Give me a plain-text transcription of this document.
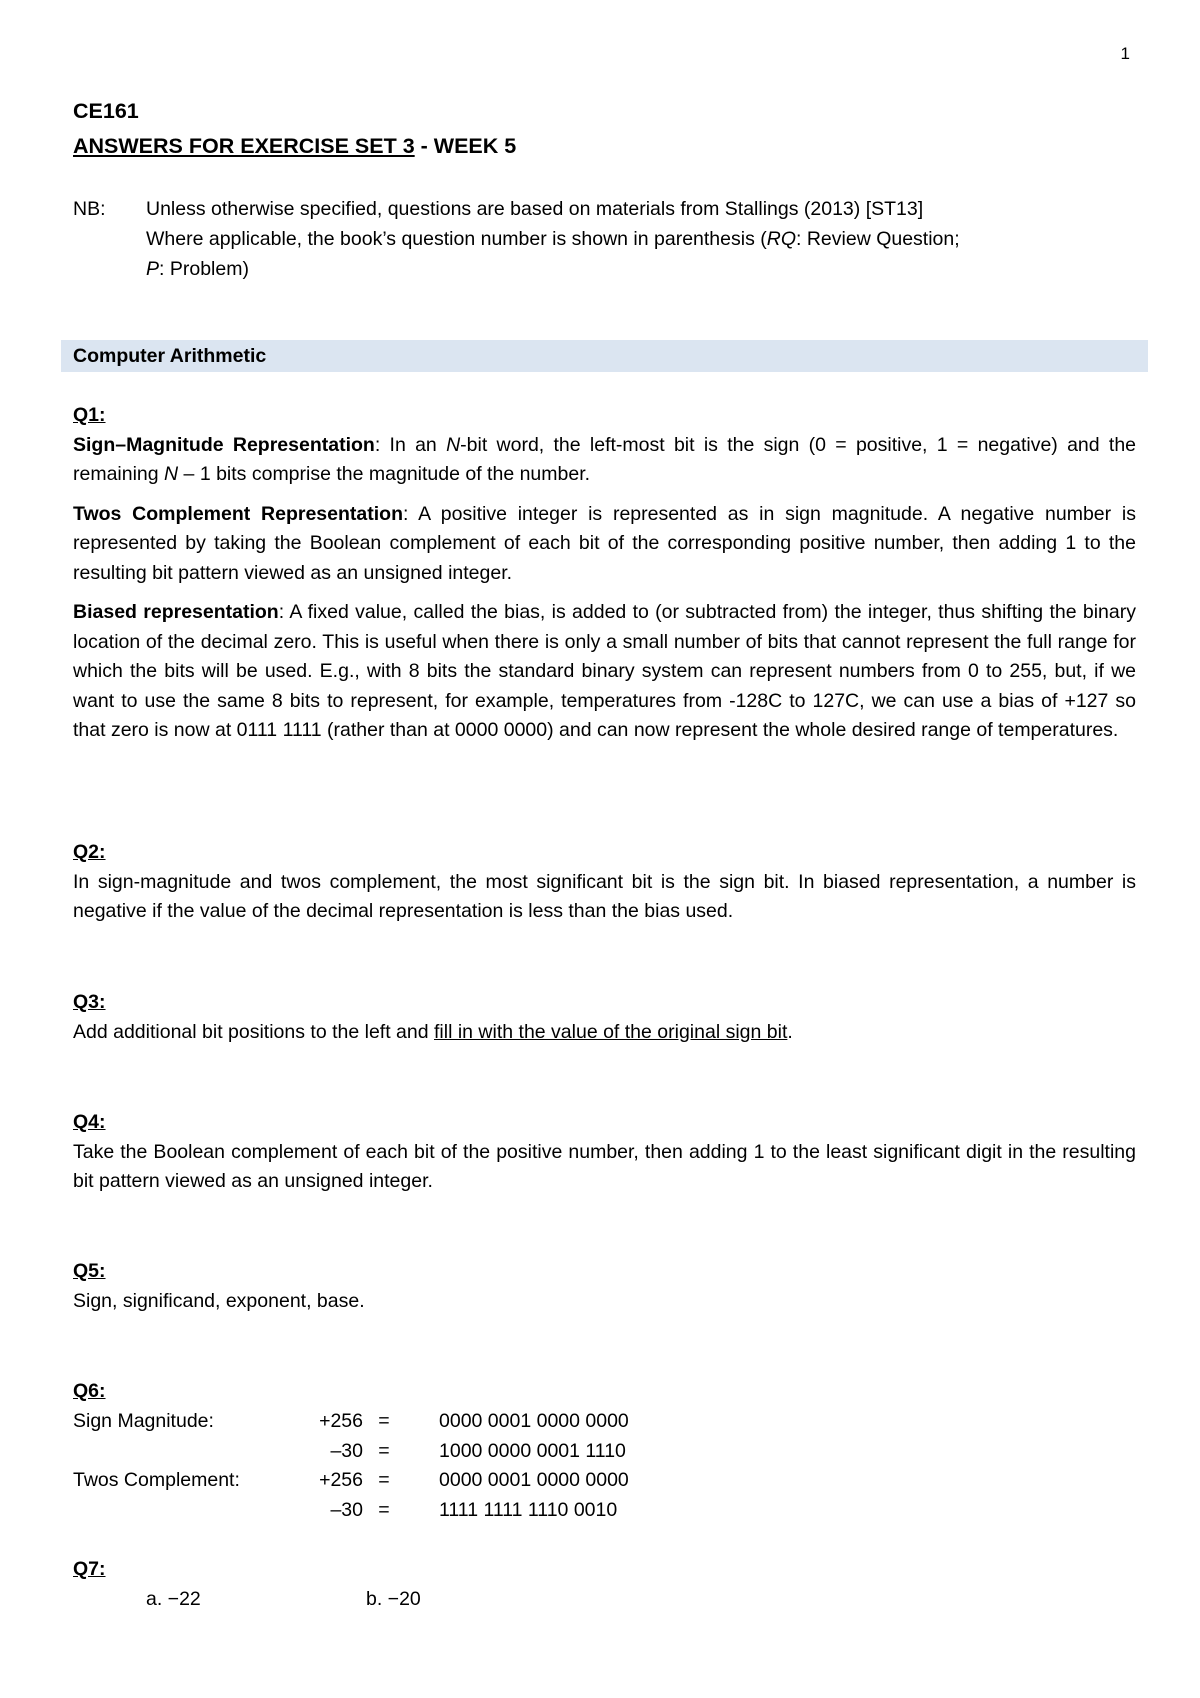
1
CE161
ANSWERS FOR EXERCISE SET 3 - WEEK 5
NB:	Unless otherwise specified, questions are based on materials from Stallings (2013) [ST13]
Where applicable, the book’s question number is shown in parenthesis (RQ: Review Question;
P: Problem)
Computer Arithmetic

Q1:

Sign–Magnitude Representation: In an N-bit word, the left-most bit is the sign (0 = positive, 1 = negative) and the remaining N – 1 bits comprise the magnitude of the number.

Twos Complement Representation: A positive integer is represented as in sign magnitude. A negative number is represented by taking the Boolean complement of each bit of the corresponding positive number, then adding 1 to the resulting bit pattern viewed as an unsigned integer.

Biased representation: A fixed value, called the bias, is added to (or subtracted from) the integer, thus shifting the binary location of the decimal zero. This is useful when there is only a small number of bits that cannot represent the full range for which the bits will be used. E.g., with 8 bits the standard binary system can represent numbers from 0 to 255, but, if we want to use the same 8 bits to represent, for example, temperatures from -128C to 127C, we can use a bias of +127 so that zero is now at 0111 1111 (rather than at 0000 0000) and can now represent the whole desired range of temperatures.

Q2:

In sign-magnitude and twos complement, the most significant bit is the sign bit. In biased representation, a number is negative if the value of the decimal representation is less than the bias used.

Q3:

Add additional bit positions to the left and fill in with the value of the original sign bit.

Q4:

Take the Boolean complement of each bit of the positive number, then adding 1 to the least significant digit in the resulting bit pattern viewed as an unsigned integer.

Q5:

Sign, significand, exponent, base.

Q6:

Sign Magnitude:	+256 =	0000 0001 0000 0000
–30 =	1000 0000 0001 1110
Twos Complement:	+256 =	0000 0001 0000 0000
–30 =	1111 1111 1110 0010

Q7:

a. −22	b. −20
